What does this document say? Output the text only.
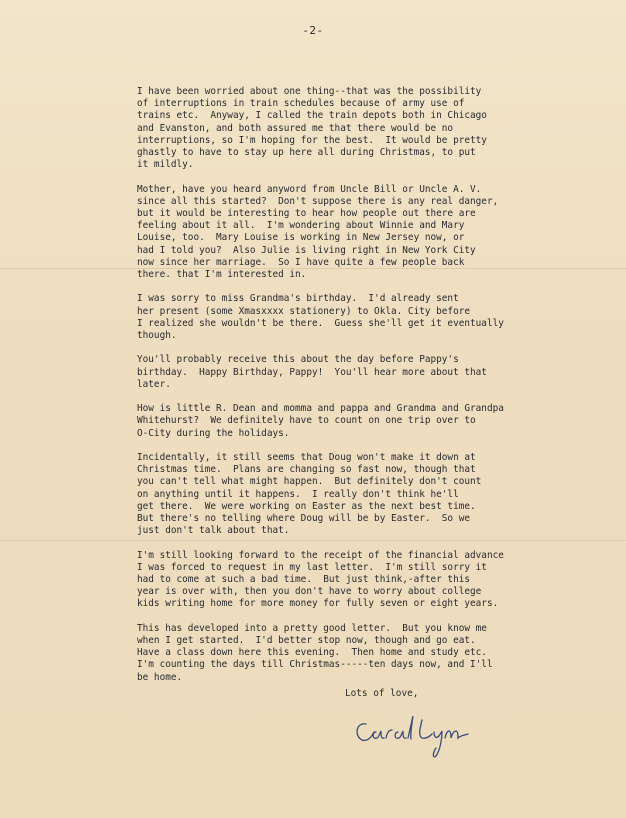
-2-
I have been worried about one thing--that was the possibility
of interruptions in train schedules because of army use of
trains etc.  Anyway, I called the train depots both in Chicago
and Evanston, and both assured me that there would be no
interruptions, so I'm hoping for the best.  It would be pretty
ghastly to have to stay up here all during Christmas, to put
it mildly.
Mother, have you heard anyword from Uncle Bill or Uncle A. V.
since all this started?  Don't suppose there is any real danger,
but it would be interesting to hear how people out there are
feeling about it all.  I'm wondering about Winnie and Mary
Louise, too.  Mary Louise is working in New Jersey now, or
had I told you?  Also Julie is living right in New York City
now since her marriage.  So I have quite a few people back
there. that I'm interested in.
I was sorry to miss Grandma's birthday.  I'd already sent
her present (some Xmasxxxx stationery) to Okla. City before
I realized she wouldn't be there.  Guess she'll get it eventually
though.
You'll probably receive this about the day before Pappy's
birthday.  Happy Birthday, Pappy!  You'll hear more about that
later.
How is little R. Dean and momma and pappa and Grandma and Grandpa
Whitehurst?  We definitely have to count on one trip over to
O-City during the holidays.
Incidentally, it still seems that Doug won't make it down at
Christmas time.  Plans are changing so fast now, though that
you can't tell what might happen.  But definitely don't count
on anything until it happens.  I really don't think he'll
get there.  We were working on Easter as the next best time.
But there's no telling where Doug will be by Easter.  So we
just don't talk about that.
I'm still looking forward to the receipt of the financial advance
I was forced to request in my last letter.  I'm still sorry it
had to come at such a bad time.  But just think,-after this
year is over with, then you don't have to worry about college
kids writing home for more money for fully seven or eight years.
This has developed into a pretty good letter.  But you know me
when I get started.  I'd better stop now, though and go eat.
Have a class down here this evening.  Then home and study etc.
I'm counting the days till Christmas-----ten days now, and I'll
be home.
Lots of love,
